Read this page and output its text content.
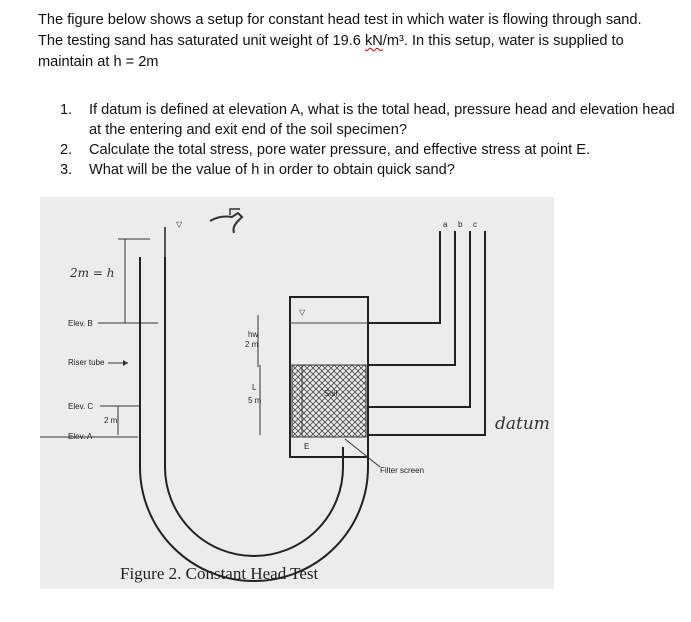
The figure below shows a setup for constant head test in which water is flowing through sand.

The testing sand has saturated unit weight of 19.6 kN/m³. In this setup, water is supplied to

maintain at h = 2m

1. If datum is defined at elevation A, what is the total head, pressure head and elevation head at the entering and exit end of the soil specimen?
2. Calculate the total stress, pore water pressure, and effective stress at point E.
3. What will be the value of h in order to obtain quick sand?
▽
2m = h
Elev. B
Riser tube
Elev. C
2 m
Elev. A
hw
2 m
L
5 m
▽
Soil
E
a b c
Filter screen
datum
Figure 2. Constant Head Test
